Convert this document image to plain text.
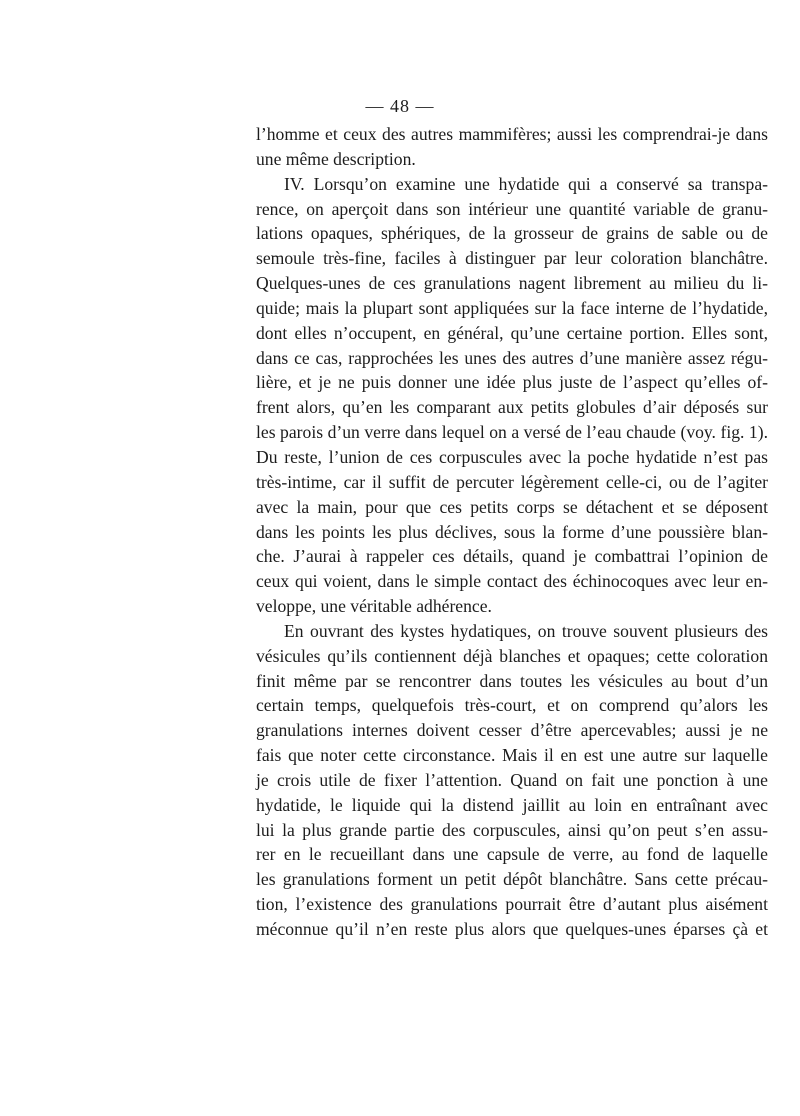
— 48 —
l’homme et ceux des autres mammifères; aussi les comprendrai-je dans
une même description.
IV. Lorsqu’on examine une hydatide qui a conservé sa transpa-
rence, on aperçoit dans son intérieur une quantité variable de granu-
lations opaques, sphériques, de la grosseur de grains de sable ou de
semoule très-fine, faciles à distinguer par leur coloration blanchâtre.
Quelques-unes de ces granulations nagent librement au milieu du li-
quide; mais la plupart sont appliquées sur la face interne de l’hydatide,
dont elles n’occupent, en général, qu’une certaine portion. Elles sont,
dans ce cas, rapprochées les unes des autres d’une manière assez régu-
lière, et je ne puis donner une idée plus juste de l’aspect qu’elles of-
frent alors, qu’en les comparant aux petits globules d’air déposés sur
les parois d’un verre dans lequel on a versé de l’eau chaude (voy. fig. 1).
Du reste, l’union de ces corpuscules avec la poche hydatide n’est pas
très-intime, car il suffit de percuter légèrement celle-ci, ou de l’agiter
avec la main, pour que ces petits corps se détachent et se déposent
dans les points les plus déclives, sous la forme d’une poussière blan-
che. J’aurai à rappeler ces détails, quand je combattrai l’opinion de
ceux qui voient, dans le simple contact des échinocoques avec leur en-
veloppe, une véritable adhérence.
En ouvrant des kystes hydatiques, on trouve souvent plusieurs des
vésicules qu’ils contiennent déjà blanches et opaques; cette coloration
finit même par se rencontrer dans toutes les vésicules au bout d’un
certain temps, quelquefois très-court, et on comprend qu’alors les
granulations internes doivent cesser d’être apercevables; aussi je ne
fais que noter cette circonstance. Mais il en est une autre sur laquelle
je crois utile de fixer l’attention. Quand on fait une ponction à une
hydatide, le liquide qui la distend jaillit au loin en entraînant avec
lui la plus grande partie des corpuscules, ainsi qu’on peut s’en assu-
rer en le recueillant dans une capsule de verre, au fond de laquelle
les granulations forment un petit dépôt blanchâtre. Sans cette précau-
tion, l’existence des granulations pourrait être d’autant plus aisément
méconnue qu’il n’en reste plus alors que quelques-unes éparses çà et
